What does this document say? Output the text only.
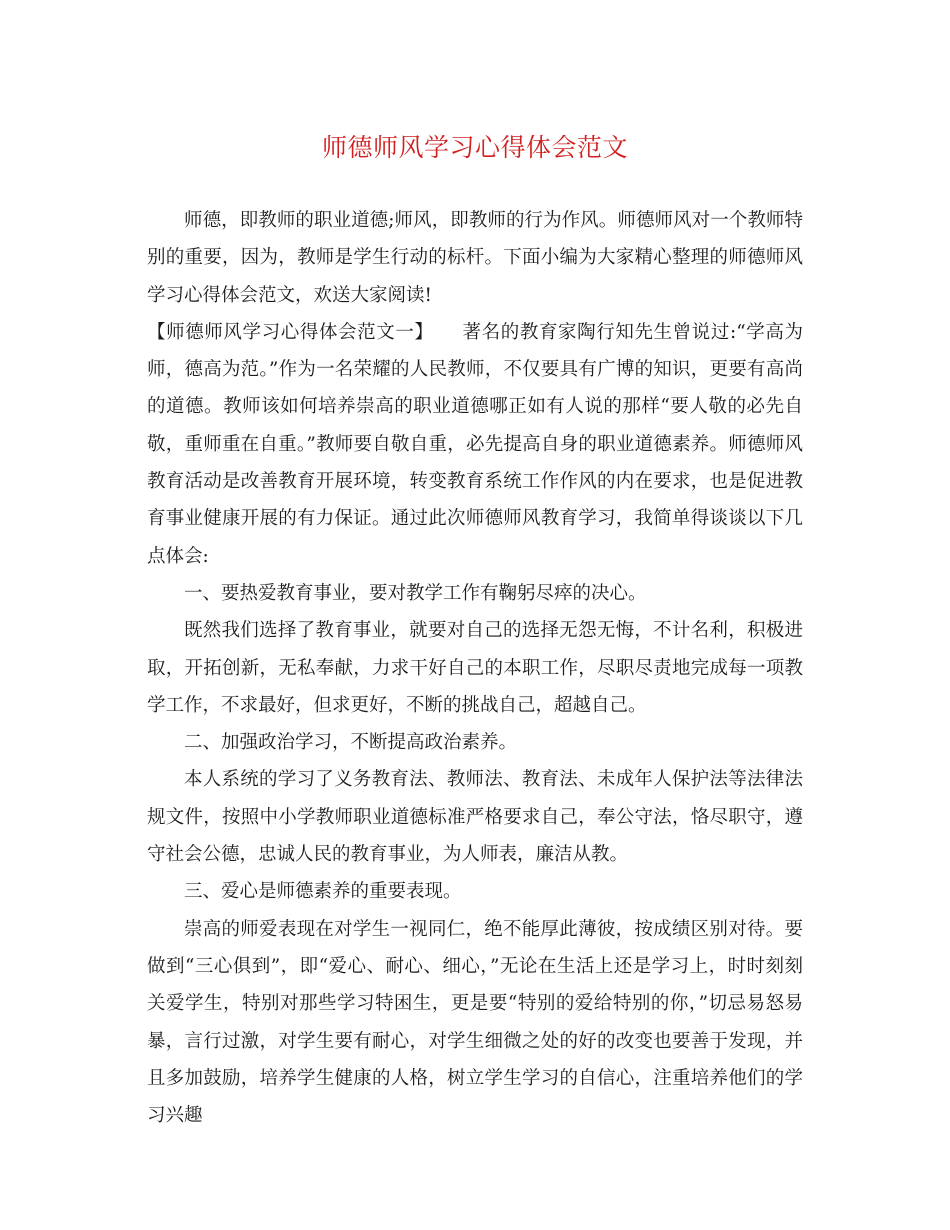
师德师风学习心得体会范文

师德，即教师的职业道德;师风，即教师的行为作风。师德师风对一个教师特别的重要，因为，教师是学生行动的标杆。下面小编为大家精心整理的师德师风学习心得体会范文，欢送大家阅读!

【师德师风学习心得体会范文一】　　著名的教育家陶行知先生曾说过:“学高为师，德高为范。”作为一名荣耀的人民教师，不仅要具有广博的知识，更要有高尚的道德。教师该如何培养崇高的职业道德哪正如有人说的那样“要人敬的必先自敬，重师重在自重。”教师要自敬自重，必先提高自身的职业道德素养。师德师风教育活动是改善教育开展环境，转变教育系统工作作风的内在要求，也是促进教育事业健康开展的有力保证。通过此次师德师风教育学习，我简单得谈谈以下几点体会:

一、要热爱教育事业，要对教学工作有鞠躬尽瘁的决心。

既然我们选择了教育事业，就要对自己的选择无怨无悔，不计名利，积极进取，开拓创新，无私奉献，力求干好自己的本职工作，尽职尽责地完成每一项教学工作，不求最好，但求更好，不断的挑战自己，超越自己。

二、加强政治学习，不断提高政治素养。

本人系统的学习了义务教育法、教师法、教育法、未成年人保护法等法律法规文件，按照中小学教师职业道德标准严格要求自己，奉公守法，恪尽职守，遵守社会公德，忠诚人民的教育事业，为人师表，廉洁从教。

三、爱心是师德素养的重要表现。

崇高的师爱表现在对学生一视同仁，绝不能厚此薄彼，按成绩区别对待。要做到“三心俱到”，即“爱心、耐心、细心，”无论在生活上还是学习上，时时刻刻关爱学生，特别对那些学习特困生，更是要“特别的爱给特别的你，”切忌易怒易暴，言行过激，对学生要有耐心，对学生细微之处的好的改变也要善于发现，并且多加鼓励，培养学生健康的人格，树立学生学习的自信心，注重培养他们的学习兴趣
